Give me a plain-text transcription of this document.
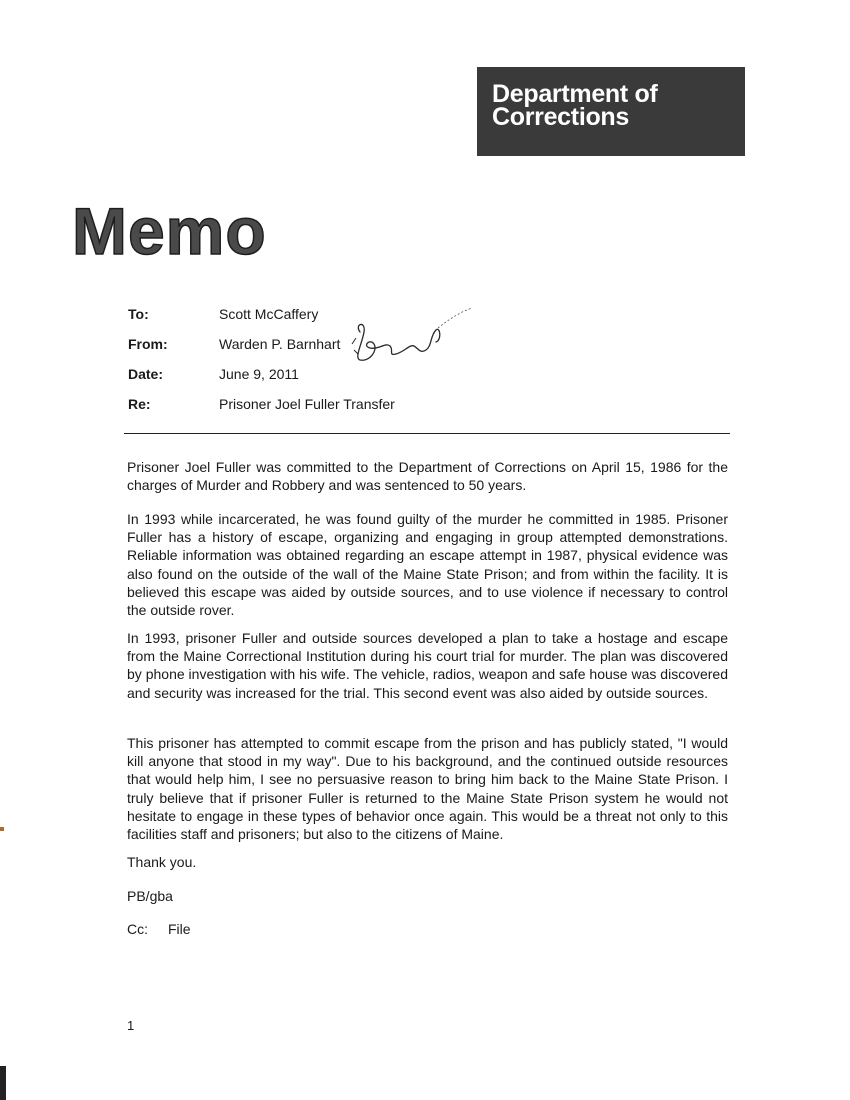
Department of
Corrections
Memo
To:	Scott McCaffery
From:	Warden P. Barnhart
Date:	June 9, 2011
Re:	Prisoner Joel Fuller Transfer

Prisoner Joel Fuller was committed to the Department of Corrections on April 15, 1986 for the charges of Murder and Robbery and was sentenced to 50 years.

In 1993 while incarcerated, he was found guilty of the murder he committed in 1985. Prisoner Fuller has a history of escape, organizing and engaging in group attempted demonstrations. Reliable information was obtained regarding an escape attempt in 1987, physical evidence was also found on the outside of the wall of the Maine State Prison; and from within the facility. It is believed this escape was aided by outside sources, and to use violence if necessary to control the outside rover.

In 1993, prisoner Fuller and outside sources developed a plan to take a hostage and escape from the Maine Correctional Institution during his court trial for murder. The plan was discovered by phone investigation with his wife. The vehicle, radios, weapon and safe house was discovered and security was increased for the trial. This second event was also aided by outside sources.

This prisoner has attempted to commit escape from the prison and has publicly stated, "I would kill anyone that stood in my way". Due to his background, and the continued outside resources that would help him, I see no persuasive reason to bring him back to the Maine State Prison. I truly believe that if prisoner Fuller is returned to the Maine State Prison system he would not hesitate to engage in these types of behavior once again. This would be a threat not only to this facilities staff and prisoners; but also to the citizens of Maine.

Thank you.
PB/gba
Cc: File
1
